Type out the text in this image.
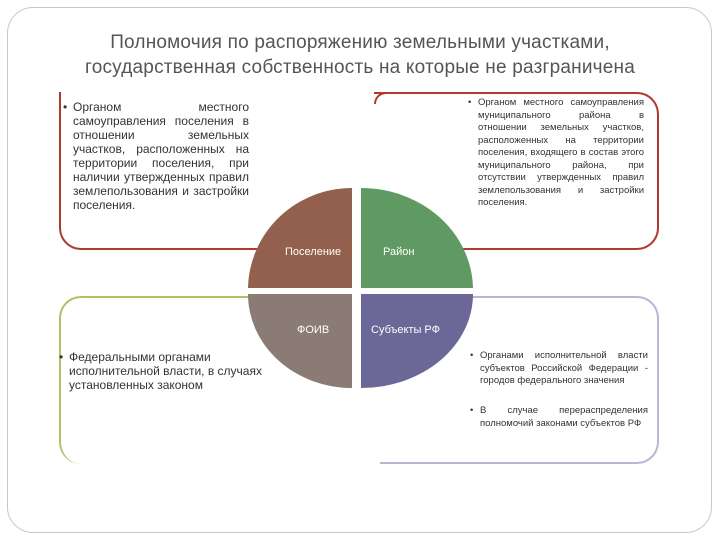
Полномочия по распоряжению земельными участками, государственная собственность на которые не разграничена
• Органом местного самоуправления поселения в отношении земельных участков, расположенных на территории поселения, при наличии утвержденных правил землепользования и застройки поселения.
• Органом местного самоуправления муниципального района в отношении земельных участков, расположенных на территории поселения, входящего в состав этого муниципального района, при отсутствии утвержденных правил землепользования и застройки поселения.
• Федеральными органами исполнительной власти, в случаях установленных законом
• Органами исполнительной власти субъектов Российской Федерации - городов федерального значения
• В случае перераспределения полномочий законами субъектов РФ
Поселение	Район
ФОИВ	Субъекты РФ
